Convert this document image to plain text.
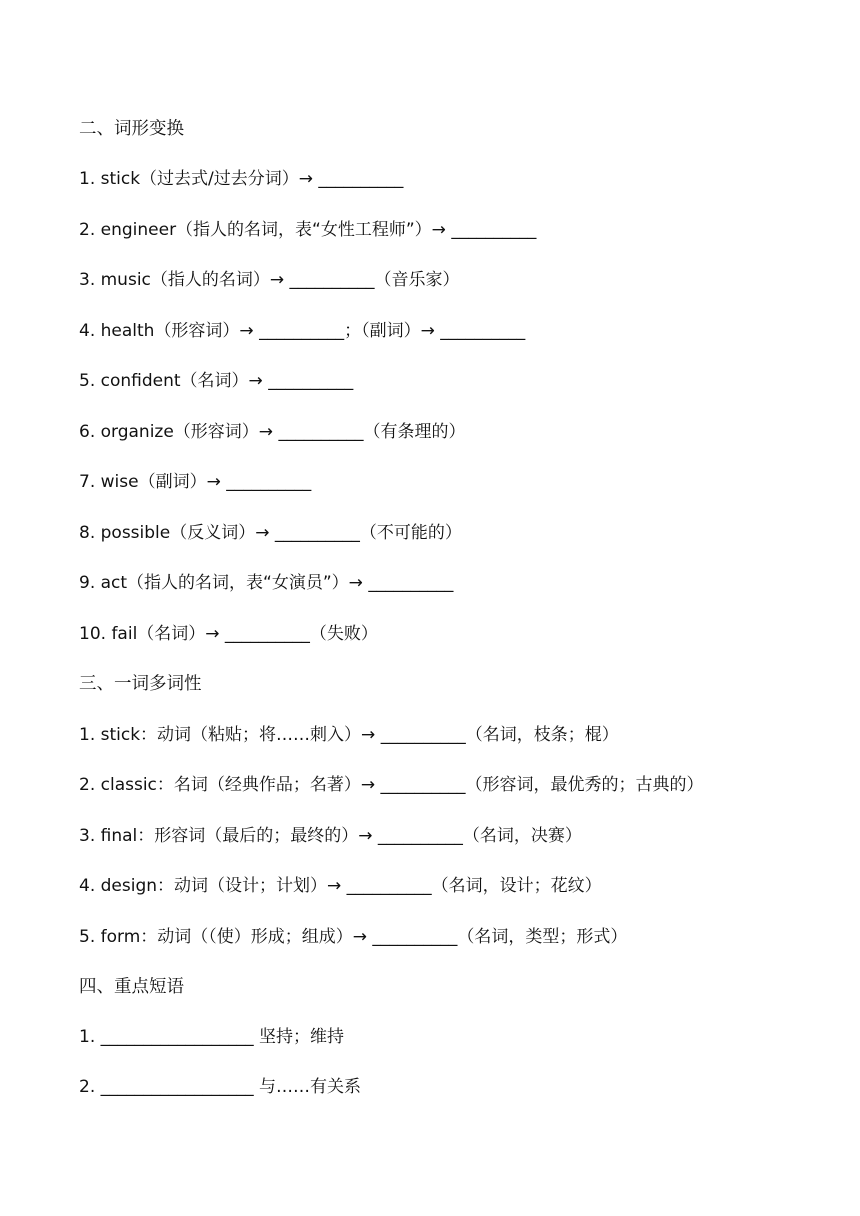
二、词形变换
1. stick（过去式/过去分词）→ __________
2. engineer（指人的名词，表“女性工程师”）→ __________
3. music（指人的名词）→ __________（音乐家）
4. health（形容词）→ __________；（副词）→ __________
5. confident（名词）→ __________
6. organize（形容词）→ __________（有条理的）
7. wise（副词）→ __________
8. possible（反义词）→ __________（不可能的）
9. act（指人的名词，表“女演员”）→ __________
10. fail（名词）→ __________（失败）
三、一词多词性
1. stick：动词（粘贴；将……刺入）→ __________（名词，枝条；棍）
2. classic：名词（经典作品；名著）→ __________（形容词，最优秀的；古典的）
3. final：形容词（最后的；最终的）→ __________（名词，决赛）
4. design：动词（设计；计划）→ __________（名词，设计；花纹）
5. form：动词（（使）形成；组成）→ __________（名词，类型；形式）
四、重点短语
1. __________________ 坚持；维持
2. __________________ 与……有关系
